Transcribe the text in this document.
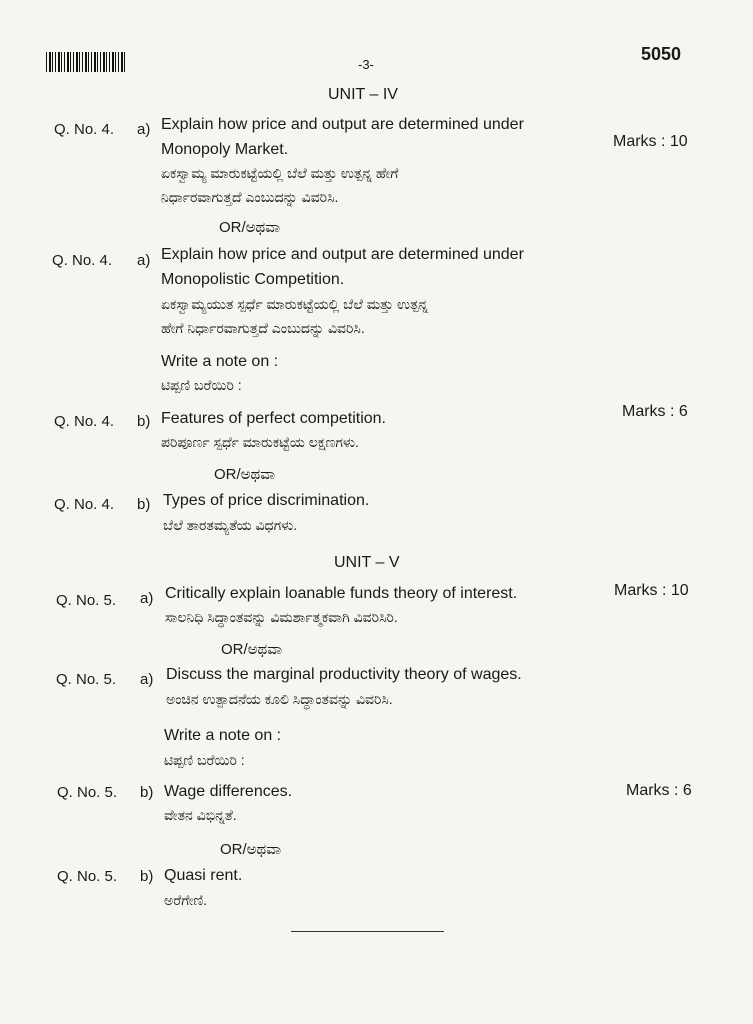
-3-
5050
UNIT – IV
Q. No. 4. a) Explain how price and output are determined under
Monopoly Market.
ಏಕಸ್ವಾಮ್ಯ ಮಾರುಕಟ್ಟೆಯಲ್ಲಿ ಬೆಲೆ ಮತ್ತು ಉತ್ಪನ್ನ ಹೇಗೆ
ನಿರ್ಧಾರವಾಗುತ್ತದೆ ಎಂಬುದನ್ನು ವಿವರಿಸಿ.
Marks : 10
OR/ಅಥವಾ
Q. No. 4. a) Explain how price and output are determined under
Monopolistic Competition.
ಏಕಸ್ವಾಮ್ಯಯುತ ಸ್ಪರ್ಧೆ ಮಾರುಕಟ್ಟೆಯಲ್ಲಿ ಬೆಲೆ ಮತ್ತು ಉತ್ಪನ್ನ
ಹೇಗೆ ನಿರ್ಧಾರವಾಗುತ್ತದೆ ಎಂಬುದನ್ನು ವಿವರಿಸಿ.
Write a note on :
ಟಿಪ್ಪಣಿ ಬರೆಯಿರಿ :
Q. No. 4. b) Features of perfect competition.
ಪರಿಪೂರ್ಣ ಸ್ಪರ್ಧೆ ಮಾರುಕಟ್ಟೆಯ ಲಕ್ಷಣಗಳು.
Marks : 6
OR/ಅಥವಾ
Q. No. 4. b) Types of price discrimination.
ಬೆಲೆ ತಾರತಮ್ಯತೆಯ ವಿಧಗಳು.
UNIT – V
Q. No. 5. a) Critically explain loanable funds theory of interest.
ಸಾಲನಿಧಿ ಸಿದ್ಧಾಂತವನ್ನು ವಿಮರ್ಶಾತ್ಮಕವಾಗಿ ವಿವರಿಸಿರಿ.
Marks : 10
OR/ಅಥವಾ
Q. No. 5. a) Discuss the marginal productivity theory of wages.
ಅಂಚಿನ ಉತ್ಪಾದನೆಯ ಕೂಲಿ ಸಿದ್ಧಾಂತವನ್ನು ವಿವರಿಸಿ.
Write a note on :
ಟಿಪ್ಪಣಿ ಬರೆಯಿರಿ :
Q. No. 5. b) Wage differences.
ವೇತನ ವಿಭಿನ್ನತೆ.
Marks : 6
OR/ಅಥವಾ
Q. No. 5. b) Quasi rent.
ಅರೆಗೇಣಿ.
